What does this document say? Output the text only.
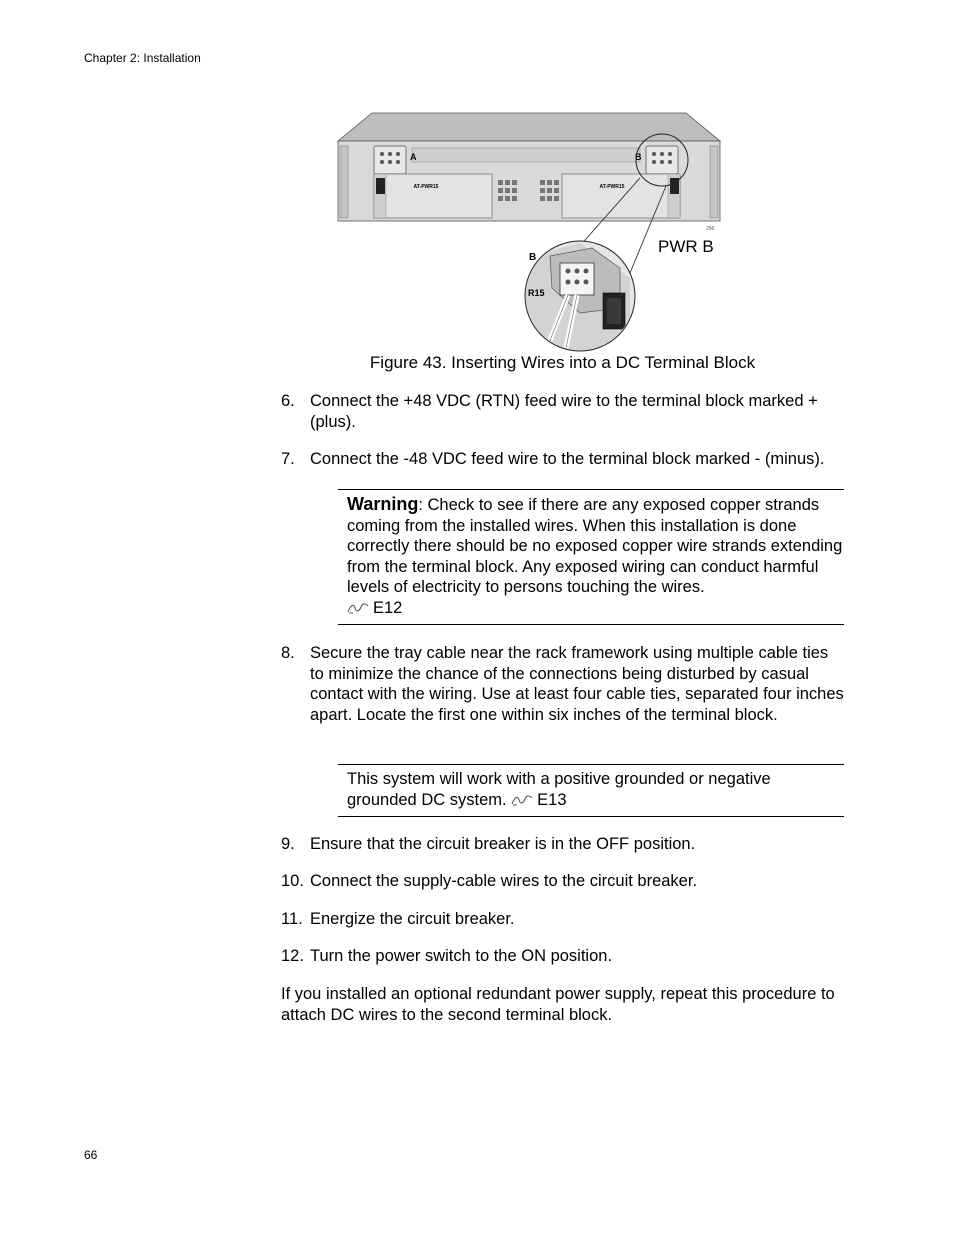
Chapter 2: Installation
A	B
AT-PWR15	AT-PWR15
256
B
R15
PWR B
Figure 43. Inserting Wires into a DC Terminal Block
6. Connect the +48 VDC (RTN) feed wire to the terminal block marked + (plus).
7. Connect the -48 VDC feed wire to the terminal block marked - (minus).
Warning: Check to see if there are any exposed copper strands coming from the installed wires. When this installation is done correctly there should be no exposed copper wire strands extending from the terminal block. Any exposed wiring can conduct harmful levels of electricity to persons touching the wires.
E12
8. Secure the tray cable near the rack framework using multiple cable ties to minimize the chance of the connections being disturbed by casual contact with the wiring. Use at least four cable ties, separated four inches apart. Locate the first one within six inches of the terminal block.
This system will work with a positive grounded or negative grounded DC system. E13
9. Ensure that the circuit breaker is in the OFF position.
10. Connect the supply-cable wires to the circuit breaker.
11. Energize the circuit breaker.
12. Turn the power switch to the ON position.
If you installed an optional redundant power supply, repeat this procedure to attach DC wires to the second terminal block.
66
